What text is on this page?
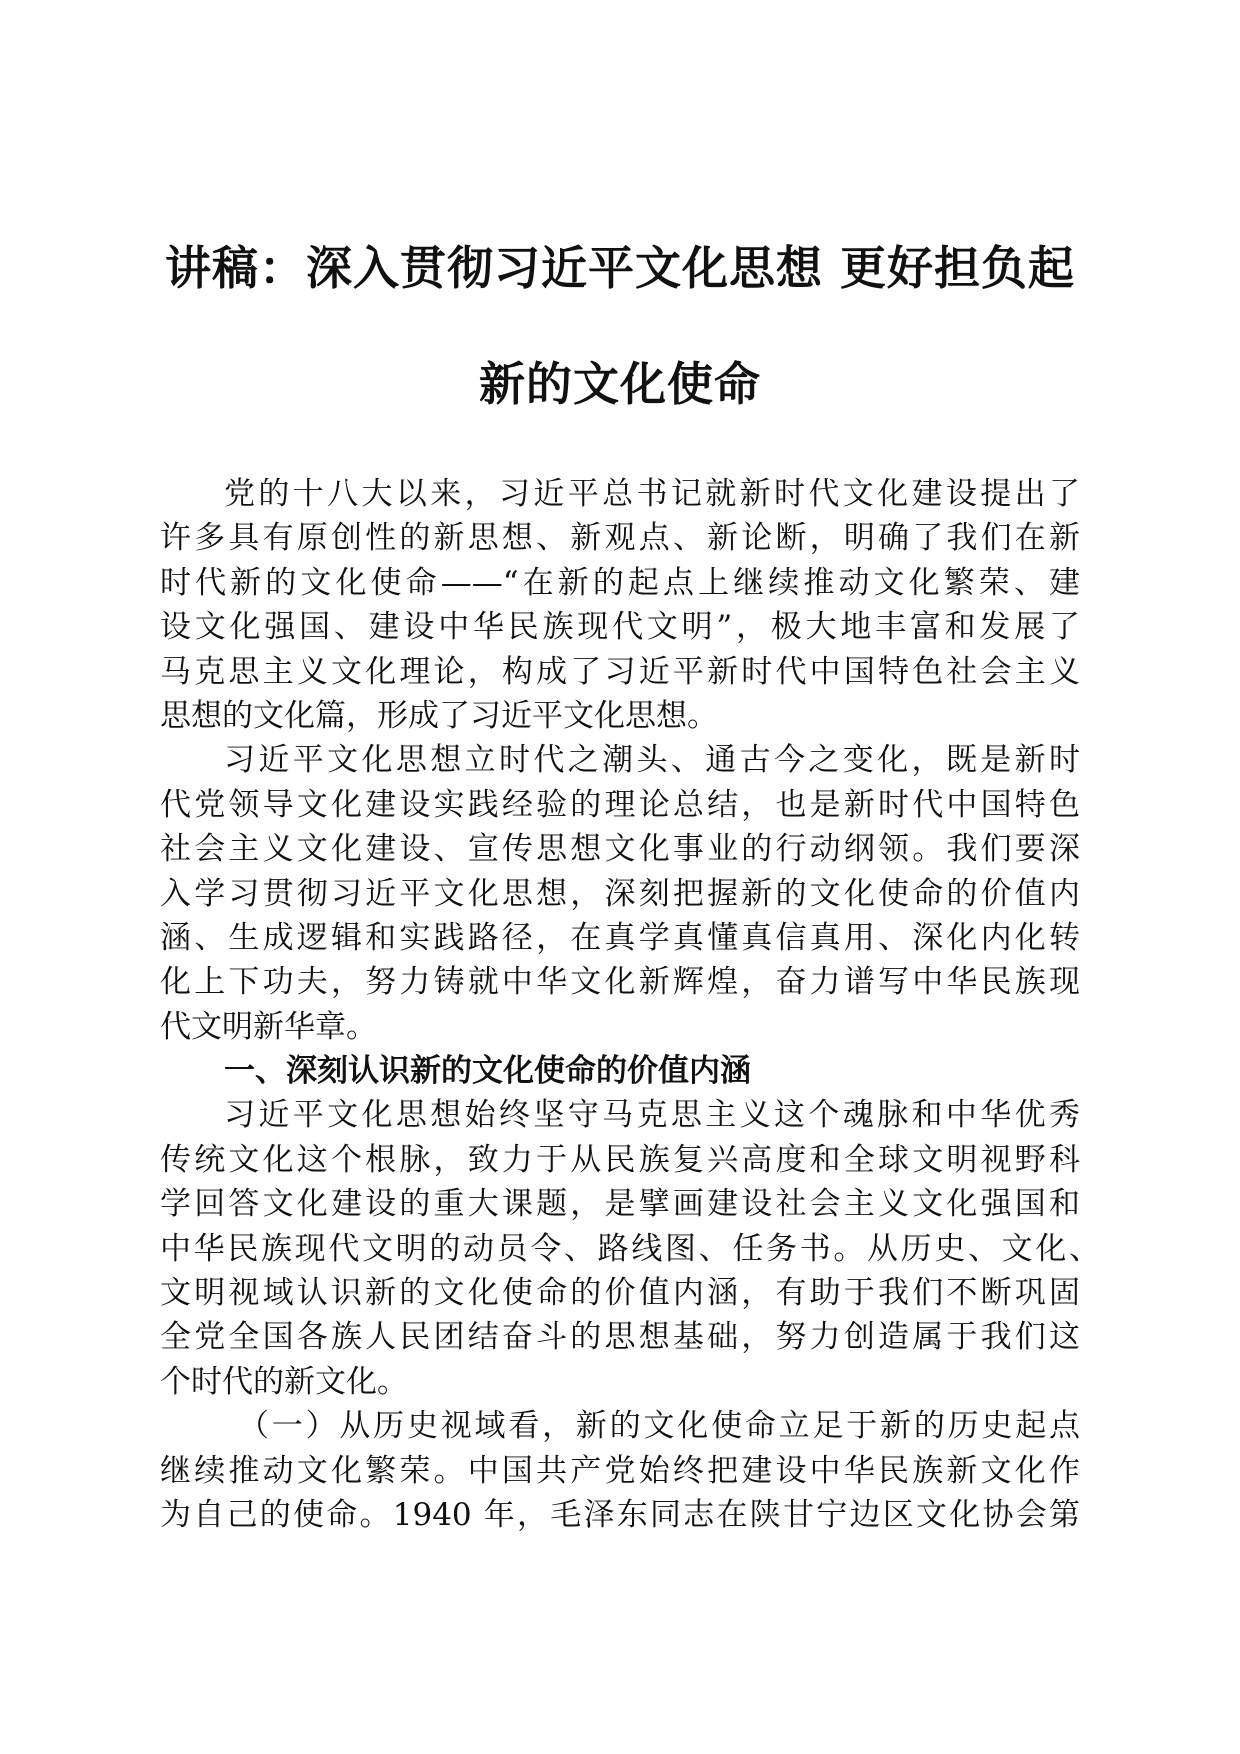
讲稿：深入贯彻习近平文化思想 更好担负起
新的文化使命
党的十八大以来，习近平总书记就新时代文化建设提出了
许多具有原创性的新思想、新观点、新论断，明确了我们在新
时代新的文化使命——“在新的起点上继续推动文化繁荣、建
设文化强国、建设中华民族现代文明”，极大地丰富和发展了
马克思主义文化理论，构成了习近平新时代中国特色社会主义
思想的文化篇，形成了习近平文化思想。
习近平文化思想立时代之潮头、通古今之变化，既是新时
代党领导文化建设实践经验的理论总结，也是新时代中国特色
社会主义文化建设、宣传思想文化事业的行动纲领。我们要深
入学习贯彻习近平文化思想，深刻把握新的文化使命的价值内
涵、生成逻辑和实践路径，在真学真懂真信真用、深化内化转
化上下功夫，努力铸就中华文化新辉煌，奋力谱写中华民族现
代文明新华章。
一、深刻认识新的文化使命的价值内涵
习近平文化思想始终坚守马克思主义这个魂脉和中华优秀
传统文化这个根脉，致力于从民族复兴高度和全球文明视野科
学回答文化建设的重大课题，是擘画建设社会主义文化强国和
中华民族现代文明的动员令、路线图、任务书。从历史、文化、
文明视域认识新的文化使命的价值内涵，有助于我们不断巩固
全党全国各族人民团结奋斗的思想基础，努力创造属于我们这
个时代的新文化。
（一）从历史视域看，新的文化使命立足于新的历史起点
继续推动文化繁荣。中国共产党始终把建设中华民族新文化作
为自己的使命。1940 年，毛泽东同志在陕甘宁边区文化协会第
